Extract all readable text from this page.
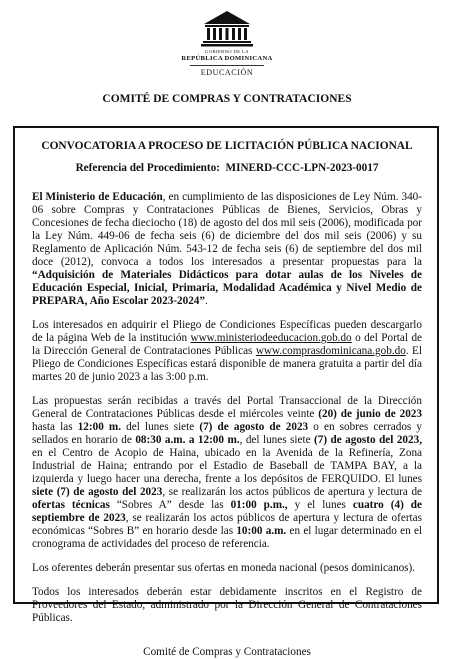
GOBIERNO DE LA
REPÚBLICA DOMINICANA
EDUCACIÓN
COMITÉ DE COMPRAS Y CONTRATACIONES

CONVOCATORIA A PROCESO DE LICITACIÓN PÚBLICA NACIONAL

Referencia del Procedimiento: MINERD-CCC-LPN-2023-0017

El Ministerio de Educación, en cumplimiento de las disposiciones de Ley Núm. 340-06 sobre Compras y Contrataciones Públicas de Bienes, Servicios, Obras y Concesiones de fecha dieciocho (18) de agosto del dos mil seis (2006), modificada por la Ley Núm. 449-06 de fecha seis (6) de diciembre del dos mil seis (2006) y su Reglamento de Aplicación Núm. 543-12 de fecha seis (6) de septiembre del dos mil doce (2012), convoca a todos los interesados a presentar propuestas para la “Adquisición de Materiales Didácticos para dotar aulas de los Niveles de Educación Especial, Inicial, Primaria, Modalidad Académica y Nivel Medio de PREPARA, Año Escolar 2023-2024”.

Los interesados en adquirir el Pliego de Condiciones Específicas pueden descargarlo de la página Web de la institución www.ministeriodeeducacion.gob.do o del Portal de la Dirección General de Contrataciones Públicas www.comprasdominicana.gob.do. El Pliego de Condiciones Específicas estará disponible de manera gratuita a partir del día martes 20 de junio 2023 a las 3:00 p.m.

Las propuestas serán recibidas a través del Portal Transaccional de la Dirección General de Contrataciones Públicas desde el miércoles veinte (20) de junio de 2023 hasta las 12:00 m. del lunes siete (7) de agosto de 2023 o en sobres cerrados y sellados en horario de 08:30 a.m. a 12:00 m., del lunes siete (7) de agosto del 2023, en el Centro de Acopio de Haina, ubicado en la Avenida de la Refinería, Zona Industrial de Haina; entrando por el Estadio de Baseball de TAMPA BAY, a la izquierda y luego hacer una derecha, frente a los depósitos de FERQUIDO. El lunes siete (7) de agosto del 2023, se realizarán los actos públicos de apertura y lectura de ofertas técnicas “Sobres A” desde las 01:00 p.m., y el lunes cuatro (4) de septiembre de 2023, se realizarán los actos públicos de apertura y lectura de ofertas económicas “Sobres B” en horario desde las 10:00 a.m. en el lugar determinado en el cronograma de actividades del proceso de referencia.

Los oferentes deberán presentar sus ofertas en moneda nacional (pesos dominicanos).

Todos los interesados deberán estar debidamente inscritos en el Registro de Proveedores del Estado, administrado por la Dirección General de Contrataciones Públicas.

Comité de Compras y Contrataciones
